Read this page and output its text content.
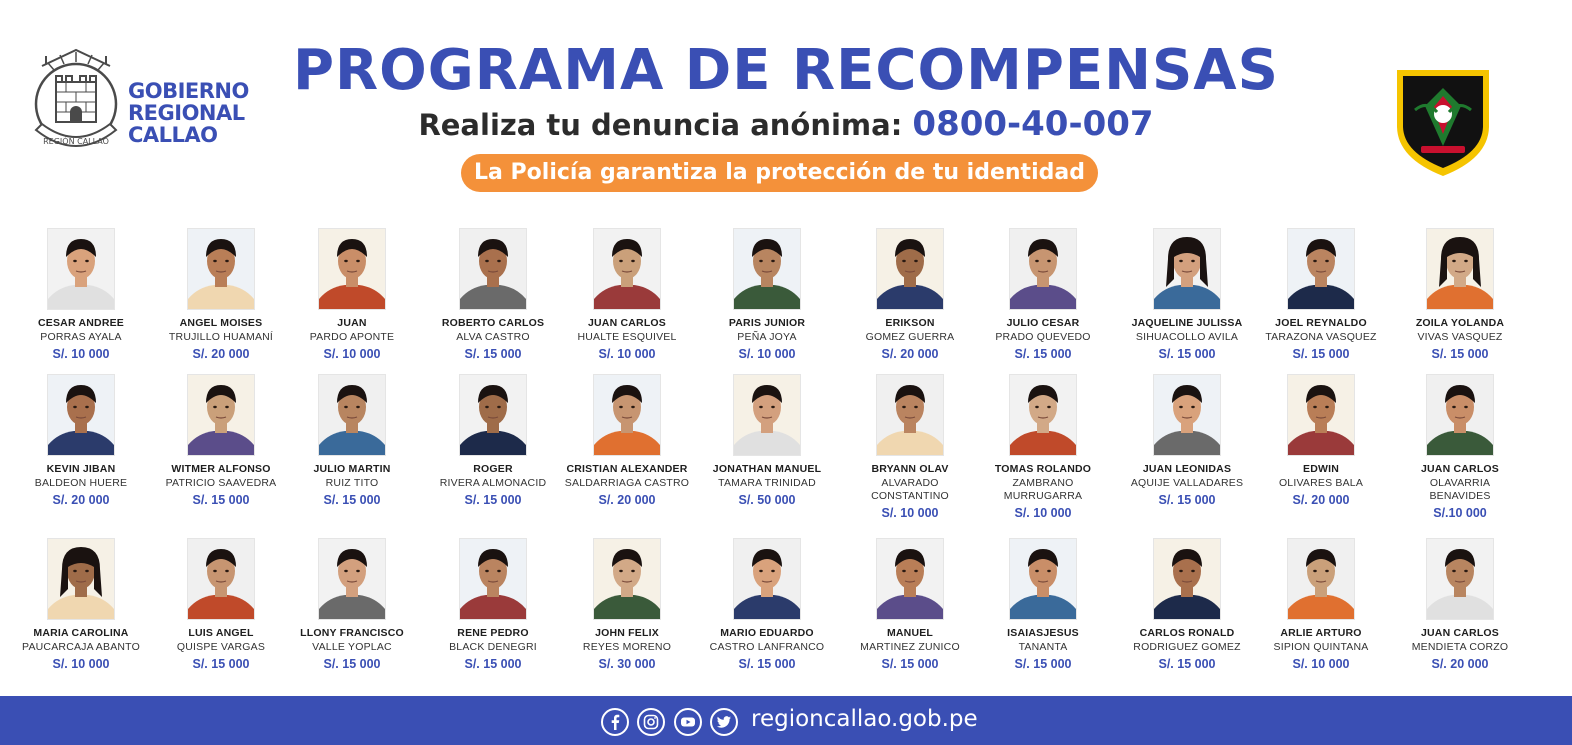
REGIÓN CALLAO
GOBIERNO
REGIONAL
CALLAO
PROGRAMA DE RECOMPENSAS
Realiza tu denuncia anónima: 0800-40-007
La Policía garantiza la protección de tu identidad
CESAR ANDREE
PORRAS AYALA
S/. 10 000
ANGEL MOISES
TRUJILLO HUAMANÍ
S/. 20 000
JUAN
PARDO APONTE
S/. 10 000
ROBERTO CARLOS
ALVA CASTRO
S/. 15 000
JUAN CARLOS
HUALTE ESQUIVEL
S/. 10 000
PARIS JUNIOR
PEÑA JOYA
S/. 10 000
ERIKSON
GOMEZ GUERRA
S/. 20 000
JULIO CESAR
PRADO QUEVEDO
S/. 15 000
JAQUELINE JULISSA
SIHUACOLLO AVILA
S/. 15 000
JOEL REYNALDO
TARAZONA VASQUEZ
S/. 15 000
ZOILA YOLANDA
VIVAS VASQUEZ
S/. 15 000
KEVIN JIBAN
BALDEON HUERE
S/. 20 000
WITMER ALFONSO
PATRICIO SAAVEDRA
S/. 15 000
JULIO MARTIN
RUIZ TITO
S/. 15 000
ROGER
RIVERA ALMONACID
S/. 15 000
CRISTIAN ALEXANDER
SALDARRIAGA CASTRO
S/. 20 000
JONATHAN MANUEL
TAMARA TRINIDAD
S/. 50 000
BRYANN OLAV
ALVARADO CONSTANTINO
S/. 10 000
TOMAS ROLANDO
ZAMBRANO MURRUGARRA
S/. 10 000
JUAN LEONIDAS
AQUIJE VALLADARES
S/. 15 000
EDWIN
OLIVARES BALA
S/. 20 000
JUAN CARLOS
OLAVARRIA BENAVIDES
S/.10 000
MARIA CAROLINA
PAUCARCAJA ABANTO
S/. 10 000
LUIS ANGEL
QUISPE VARGAS
S/. 15 000
LLONY FRANCISCO
VALLE YOPLAC
S/. 15 000
RENE PEDRO
BLACK DENEGRI
S/. 15 000
JOHN FELIX
REYES MORENO
S/. 30 000
MARIO EDUARDO
CASTRO LANFRANCO
S/. 15 000
MANUEL
MARTINEZ ZUNICO
S/. 15 000
ISAIASJESUS
TANANTA
S/. 15 000
CARLOS RONALD
RODRIGUEZ GOMEZ
S/. 15 000
ARLIE ARTURO
SIPION QUINTANA
S/. 10 000
JUAN CARLOS
MENDIETA CORZO
S/. 20 000
regioncallao.gob.pe
